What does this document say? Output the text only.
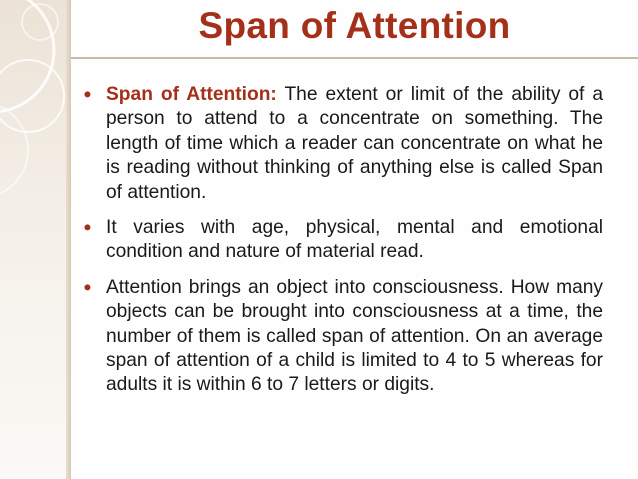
Span of Attention
⚫ Span of Attention: The extent or limit of the ability of a person to attend to a concentrate on something. The length of time which a reader can concentrate on what he is reading without thinking of anything else is called Span of attention.
⚫ It varies with age, physical, mental and emotional condition and nature of material read.
⚫ Attention brings an object into consciousness. How many objects can be brought into consciousness at a time, the number of them is called span of attention. On an average span of attention of a child is limited to 4 to 5 whereas for adults it is within 6 to 7 letters or digits.
